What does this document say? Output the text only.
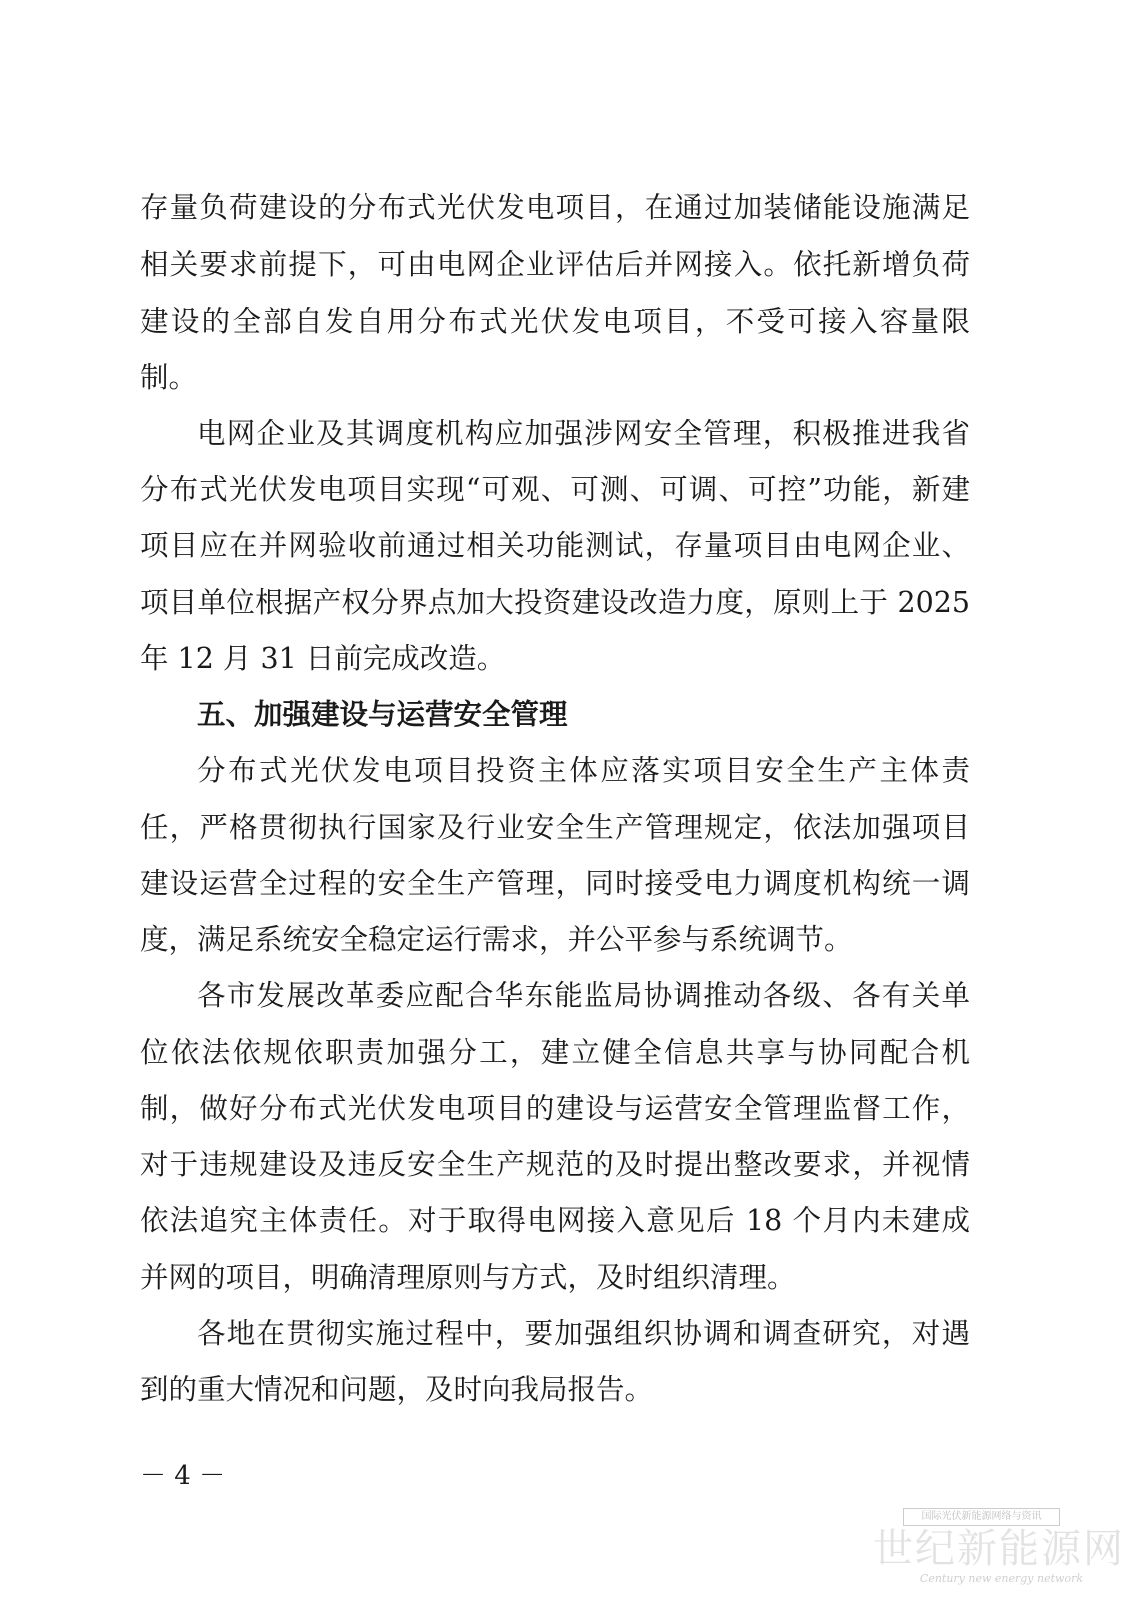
存量负荷建设的分布式光伏发电项目，在通过加装储能设施满足
相关要求前提下，可由电网企业评估后并网接入。依托新增负荷
建设的全部自发自用分布式光伏发电项目，不受可接入容量限
制。
电网企业及其调度机构应加强涉网安全管理，积极推进我省
分布式光伏发电项目实现“可观、可测、可调、可控”功能，新建
项目应在并网验收前通过相关功能测试，存量项目由电网企业、
项目单位根据产权分界点加大投资建设改造力度，原则上于 2025
年 12 月 31 日前完成改造。
五、加强建设与运营安全管理
分布式光伏发电项目投资主体应落实项目安全生产主体责
任，严格贯彻执行国家及行业安全生产管理规定，依法加强项目
建设运营全过程的安全生产管理，同时接受电力调度机构统一调
度，满足系统安全稳定运行需求，并公平参与系统调节。
各市发展改革委应配合华东能监局协调推动各级、各有关单
位依法依规依职责加强分工，建立健全信息共享与协同配合机
制，做好分布式光伏发电项目的建设与运营安全管理监督工作，
对于违规建设及违反安全生产规范的及时提出整改要求，并视情
依法追究主体责任。对于取得电网接入意见后 18 个月内未建成
并网的项目，明确清理原则与方式，及时组织清理。
各地在贯彻实施过程中，要加强组织协调和调查研究，对遇
到的重大情况和问题，及时向我局报告。
－ 4 －
国际光伏新能源网络与资讯
世纪新能源网
Century new energy network
